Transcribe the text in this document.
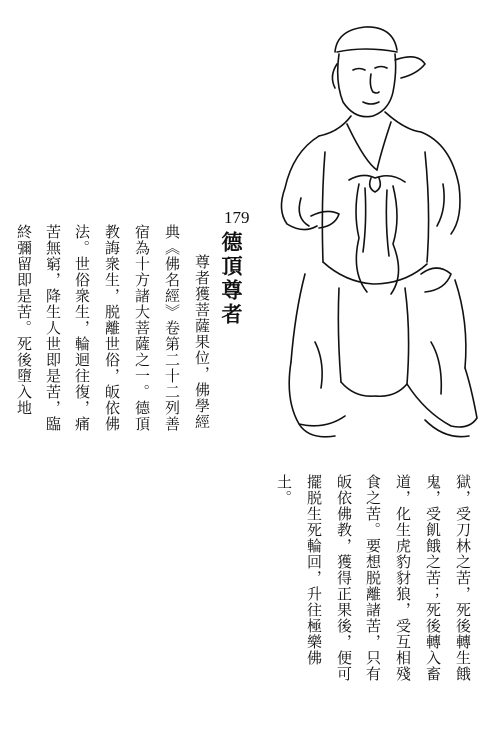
179
德頂尊者
尊者獲菩薩果位，佛學經
典《佛名經》卷第二十二列善
宿為十方諸大菩薩之一。德頂
教誨衆生，脱離世俗，皈依佛
法。世俗衆生，輪迴往復，痛
苦無窮，降生人世即是苦，臨
終彌留即是苦。死後墮入地
獄，受刀林之苦，死後轉生餓
鬼，受飢餓之苦；死後轉入畜
道，化生虎豹豺狼，受互相殘
食之苦。要想脱離諸苦，只有
皈依佛教，獲得正果後，便可
擺脱生死輪回，升往極樂佛
土。
